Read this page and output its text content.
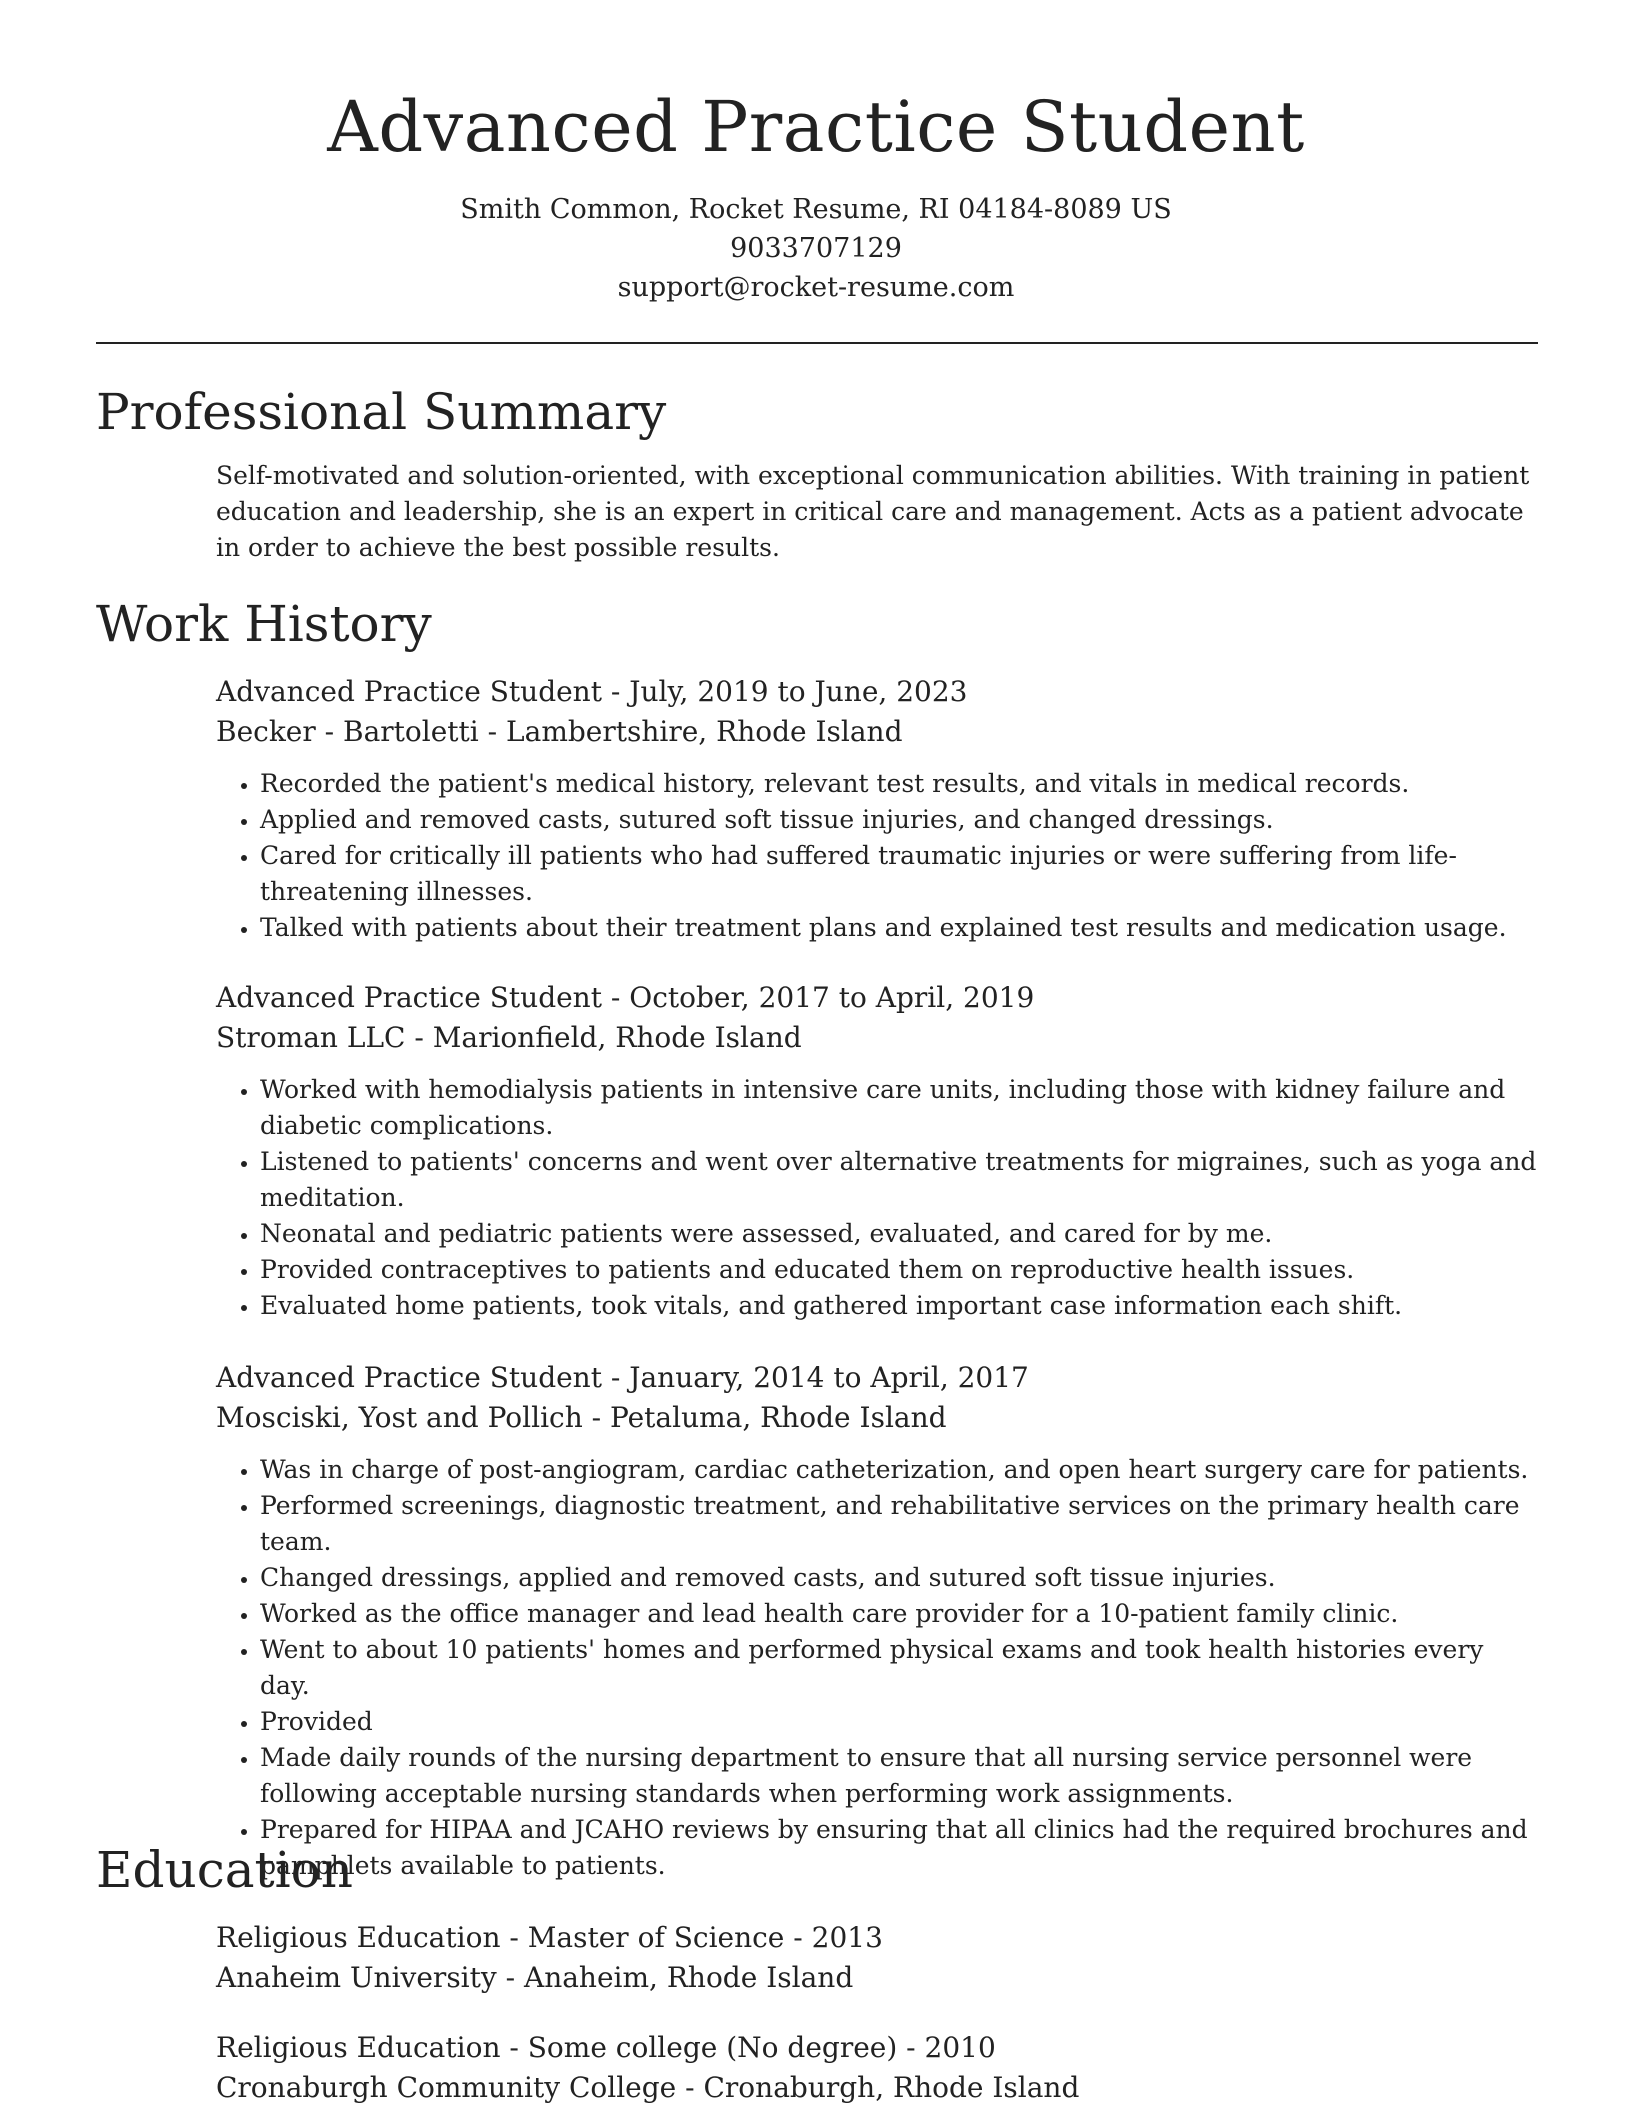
Advanced Practice Student
Smith Common, Rocket Resume, RI 04184-8089 US
9033707129
support@rocket-resume.com
Professional Summary
Self-motivated and solution-oriented, with exceptional communication abilities. With training in patient education and leadership, she is an expert in critical care and management. Acts as a patient advocate in order to achieve the best possible results.
Work History
Advanced Practice Student - July, 2019 to June, 2023
Becker - Bartoletti - Lambertshire, Rhode Island
• Recorded the patient's medical history, relevant test results, and vitals in medical records.
• Applied and removed casts, sutured soft tissue injuries, and changed dressings.
• Cared for critically ill patients who had suffered traumatic injuries or were suffering from life-threatening illnesses.
• Talked with patients about their treatment plans and explained test results and medication usage.
Advanced Practice Student - October, 2017 to April, 2019
Stroman LLC - Marionfield, Rhode Island
• Worked with hemodialysis patients in intensive care units, including those with kidney failure and diabetic complications.
• Listened to patients' concerns and went over alternative treatments for migraines, such as yoga and meditation.
• Neonatal and pediatric patients were assessed, evaluated, and cared for by me.
• Provided contraceptives to patients and educated them on reproductive health issues.
• Evaluated home patients, took vitals, and gathered important case information each shift.
Advanced Practice Student - January, 2014 to April, 2017
Mosciski, Yost and Pollich - Petaluma, Rhode Island
• Was in charge of post-angiogram, cardiac catheterization, and open heart surgery care for patients.
• Performed screenings, diagnostic treatment, and rehabilitative services on the primary health care team.
• Changed dressings, applied and removed casts, and sutured soft tissue injuries.
• Worked as the office manager and lead health care provider for a 10-patient family clinic.
• Went to about 10 patients' homes and performed physical exams and took health histories every day.
• Provided
• Made daily rounds of the nursing department to ensure that all nursing service personnel were following acceptable nursing standards when performing work assignments.
• Prepared for HIPAA and JCAHO reviews by ensuring that all clinics had the required brochures and pamphlets available to patients.
Education
Religious Education - Master of Science - 2013
Anaheim University - Anaheim, Rhode Island
Religious Education - Some college (No degree) - 2010
Cronaburgh Community College - Cronaburgh, Rhode Island
